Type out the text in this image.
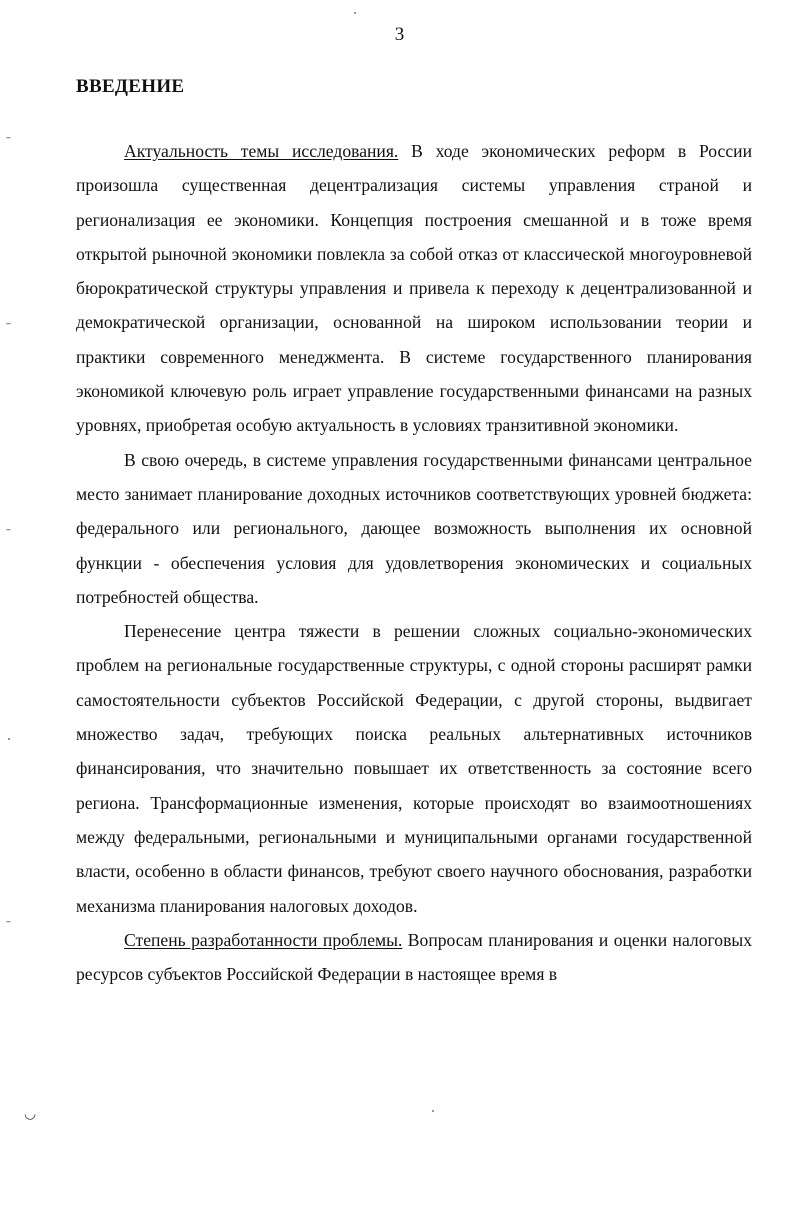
3
ВВЕДЕНИЕ

Актуальность темы исследования. В ходе экономических реформ в России произошла существенная децентрализация системы управления страной и регионализация ее экономики. Концепция построения смешанной и в тоже время открытой рыночной экономики повлекла за собой отказ от классической многоуровневой бюрократической структуры управления и привела к переходу к децентрализованной и демократической организации, основанной на широком использовании теории и практики современного менеджмента. В системе государственного планирования экономикой ключевую роль играет управление государственными финансами на разных уровнях, приобретая особую актуальность в условиях транзитивной экономики.

В свою очередь, в системе управления государственными финансами центральное место занимает планирование доходных источников соответствующих уровней бюджета: федерального или регионального, дающее возможность выполнения их основной функции - обеспечения условия для удовлетворения экономических и социальных потребностей общества.

Перенесение центра тяжести в решении сложных социально-экономических проблем на региональные государственные структуры, с одной стороны расширят рамки самостоятельности субъектов Российской Федерации, с другой стороны, выдвигает множество задач, требующих поиска реальных альтернативных источников финансирования, что значительно повышает их ответственность за состояние всего региона. Трансформационные изменения, которые происходят во взаимоотношениях между федеральными, региональными и муниципальными органами государственной власти, особенно в области финансов, требуют своего научного обоснования, разработки механизма планирования налоговых доходов.

Степень разработанности проблемы. Вопросам планирования и оценки налоговых ресурсов субъектов Российской Федерации в настоящее время в

ˉ
ˉ
ˉ
ˉ
◡
